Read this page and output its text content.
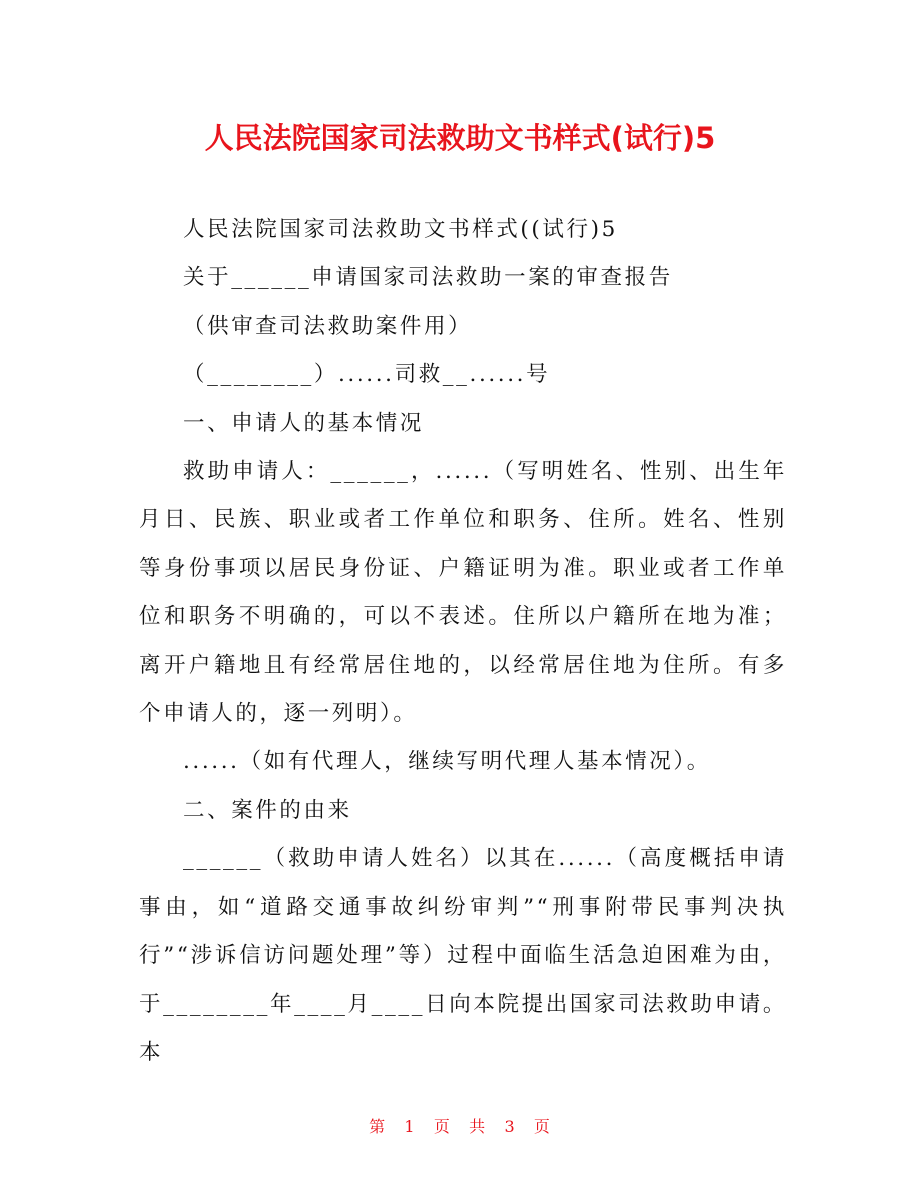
人民法院国家司法救助文书样式(试行)5

人民法院国家司法救助文书样式((试行)5

关于______申请国家司法救助一案的审查报告

（供审查司法救助案件用）

（________）......司救__......号

一、申请人的基本情况

救助申请人：______，......（写明姓名、性别、出生年月日、民族、职业或者工作单位和职务、住所。姓名、性别等身份事项以居民身份证、户籍证明为准。职业或者工作单位和职务不明确的，可以不表述。住所以户籍所在地为准；离开户籍地且有经常居住地的，以经常居住地为住所。有多个申请人的，逐一列明）。

......（如有代理人，继续写明代理人基本情况）。

二、案件的由来

______（救助申请人姓名）以其在......（高度概括申请事由，如“道路交通事故纠纷审判”“刑事附带民事判决执行”“涉诉信访问题处理”等）过程中面临生活急迫困难为由，于________年____月____日向本院提出国家司法救助申请。本

第 1 页 共 3 页
